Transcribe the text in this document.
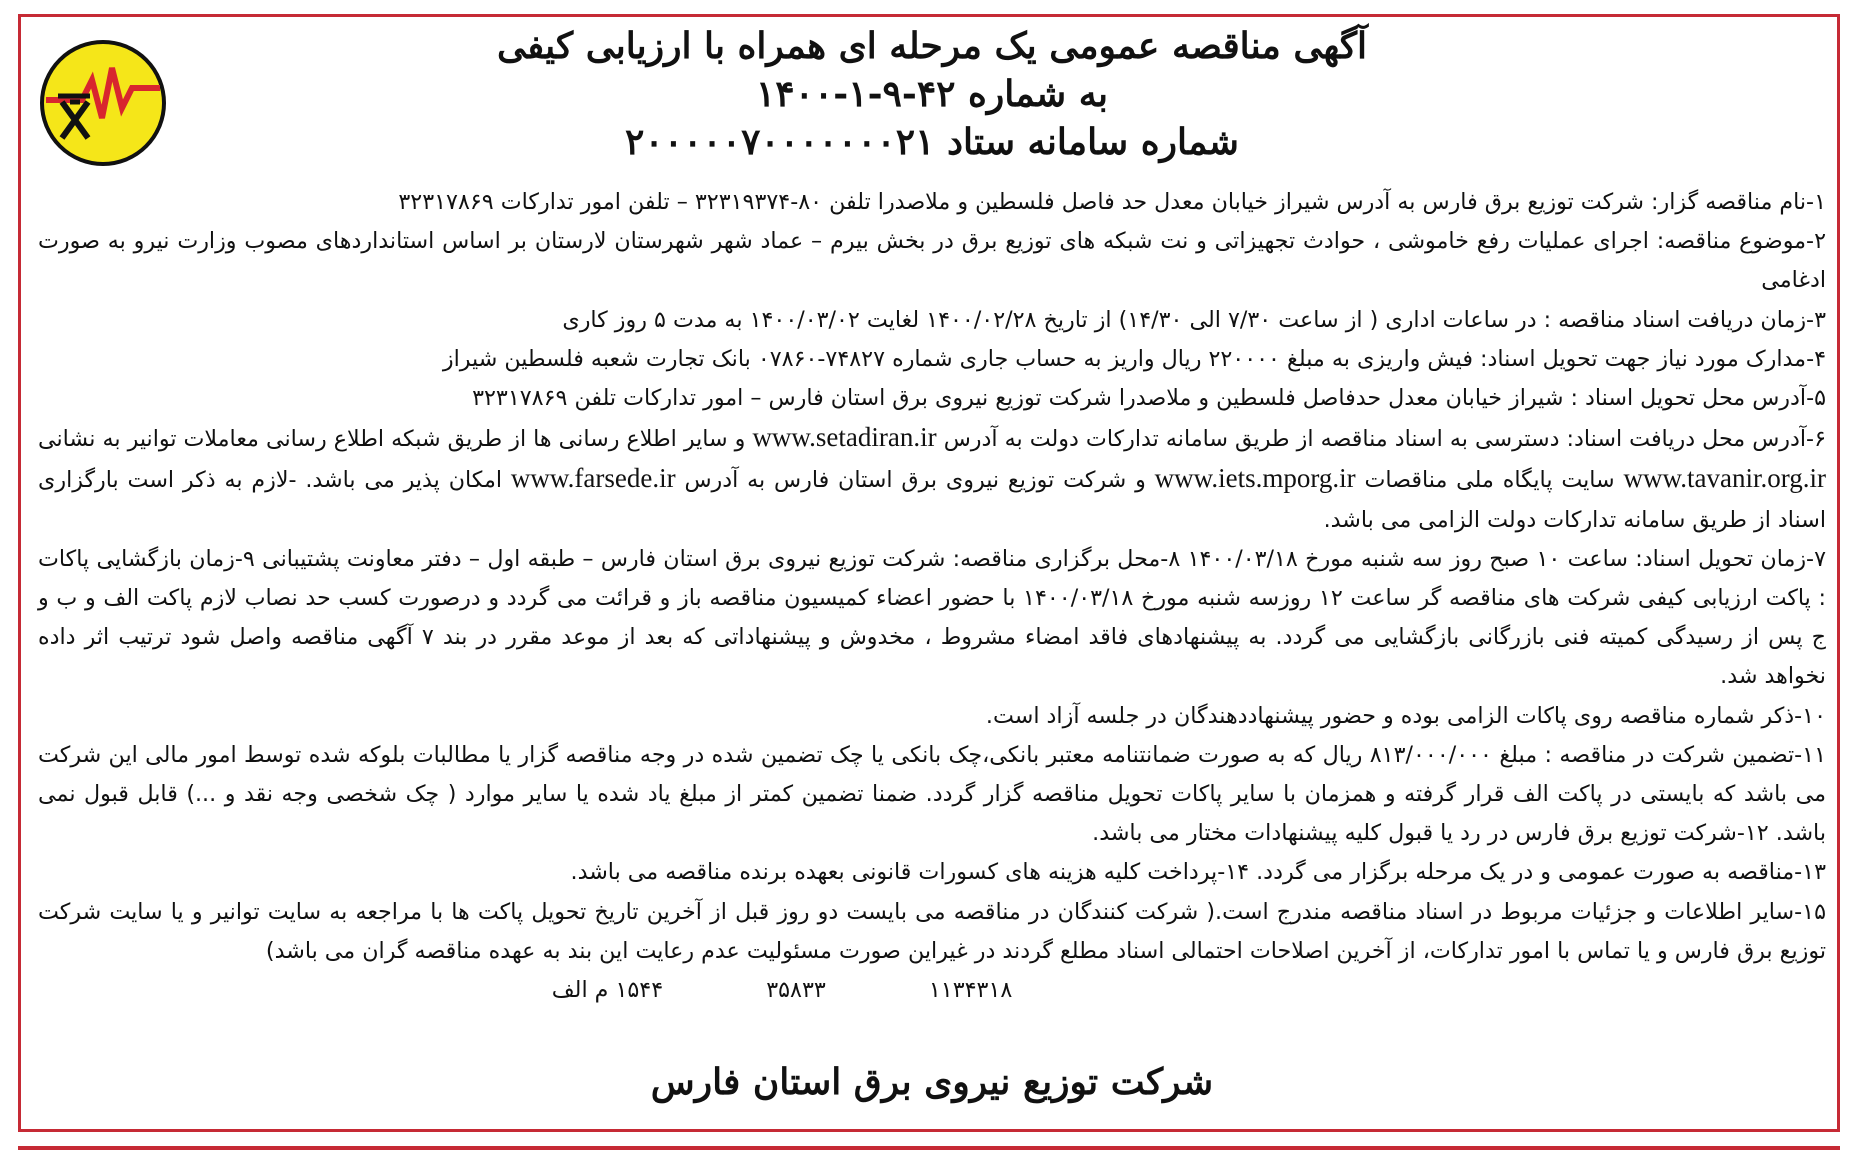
آگهی مناقصه عمومی یک مرحله ای همراه با ارزیابی کیفی
به شماره ۴۲-۹-۱-۱۴۰۰
شماره سامانه ستاد ۲۰۰۰۰۰۷۰۰۰۰۰۰۰۲۱

۱-نام مناقصه گزار: شرکت توزیع برق فارس به آدرس شیراز خیابان معدل حد فاصل فلسطین و ملاصدرا تلفن ۸۰-۳۲۳۱۹۳۷۴ – تلفن امور تدارکات ۳۲۳۱۷۸۶۹

۲-موضوع مناقصه: اجرای عملیات رفع خاموشی ، حوادث تجهیزاتی و نت شبکه های توزیع برق در بخش بیرم – عماد شهر شهرستان لارستان بر اساس استانداردهای مصوب وزارت نیرو به صورت ادغامی

۳-زمان دریافت اسناد مناقصه : در ساعات اداری ( از ساعت ۷/۳۰ الی ۱۴/۳۰) از تاریخ ۱۴۰۰/۰۲/۲۸ لغایت ۱۴۰۰/۰۳/۰۲ به مدت ۵ روز کاری

۴-مدارک مورد نیاز جهت تحویل اسناد: فیش واریزی به مبلغ ۲۲۰۰۰۰ ریال واریز به حساب جاری شماره ۷۴۸۲۷-۰۷۸۶۰ بانک تجارت شعبه فلسطین شیراز

۵-آدرس محل تحویل اسناد : شیراز خیابان معدل حدفاصل فلسطین و ملاصدرا شرکت توزیع نیروی برق استان فارس – امور تدارکات تلفن ۳۲۳۱۷۸۶۹

۶-آدرس محل دریافت اسناد: دسترسی به اسناد مناقصه از طریق سامانه تدارکات دولت به آدرس www.setadiran.ir و سایر اطلاع رسانی ها از طریق شبکه اطلاع رسانی معاملات توانیر به نشانی www.tavanir.org.ir سایت پایگاه ملی مناقصات www.iets.mporg.ir و شرکت توزیع نیروی برق استان فارس به آدرس www.farsede.ir امکان پذیر می باشد. -لازم به ذکر است بارگزاری اسناد از طریق سامانه تدارکات دولت الزامی می باشد.

۷-زمان تحویل اسناد: ساعت ۱۰ صبح روز سه شنبه مورخ ۱۴۰۰/۰۳/۱۸ ۸-محل برگزاری مناقصه: شرکت توزیع نیروی برق استان فارس – طبقه اول – دفتر معاونت پشتیبانی ۹-زمان بازگشایی پاکات : پاکت ارزیابی کیفی شرکت های مناقصه گر ساعت ۱۲ روزسه شنبه مورخ ۱۴۰۰/۰۳/۱۸ با حضور اعضاء کمیسیون مناقصه باز و قرائت می گردد و درصورت کسب حد نصاب لازم پاکت الف و ب و ج پس از رسیدگی کمیته فنی بازرگانی بازگشایی می گردد. به پیشنهادهای فاقد امضاء مشروط ، مخدوش و پیشنهاداتی که بعد از موعد مقرر در بند ۷ آگهی مناقصه واصل شود ترتیب اثر داده نخواهد شد.

۱۰-ذکر شماره مناقصه روی پاکات الزامی بوده و حضور پیشنهاددهندگان در جلسه آزاد است.

۱۱-تضمین شرکت در مناقصه : مبلغ ۸۱۳/۰۰۰/۰۰۰ ریال که به صورت ضمانتنامه معتبر بانکی،چک بانکی یا چک تضمین شده در وجه مناقصه گزار یا مطالبات بلوکه شده توسط امور مالی این شرکت می باشد که بایستی در پاکت الف قرار گرفته و همزمان با سایر پاکات تحویل مناقصه گزار گردد. ضمنا تضمین کمتر از مبلغ یاد شده یا سایر موارد ( چک شخصی وجه نقد و ...) قابل قبول نمی باشد. ۱۲-شرکت توزیع برق فارس در رد یا قبول کلیه پیشنهادات مختار می باشد.

۱۳-مناقصه به صورت عمومی و در یک مرحله برگزار می گردد. ۱۴-پرداخت کلیه هزینه های کسورات قانونی بعهده برنده مناقصه می باشد.

۱۵-سایر اطلاعات و جزئیات مربوط در اسناد مناقصه مندرج است.( شرکت کنندگان در مناقصه می بایست دو روز قبل از آخرین تاریخ تحویل پاکت ها با مراجعه به سایت توانیر و یا سایت شرکت توزیع برق فارس و یا تماس با امور تدارکات، از آخرین اصلاحات احتمالی اسناد مطلع گردند در غیراین صورت مسئولیت عدم رعایت این بند به عهده مناقصه گران می باشد)

۱۱۳۴۳۱۸ ۳۵۸۳۳ ۱۵۴۴ م الف
شرکت توزیع نیروی برق استان فارس
